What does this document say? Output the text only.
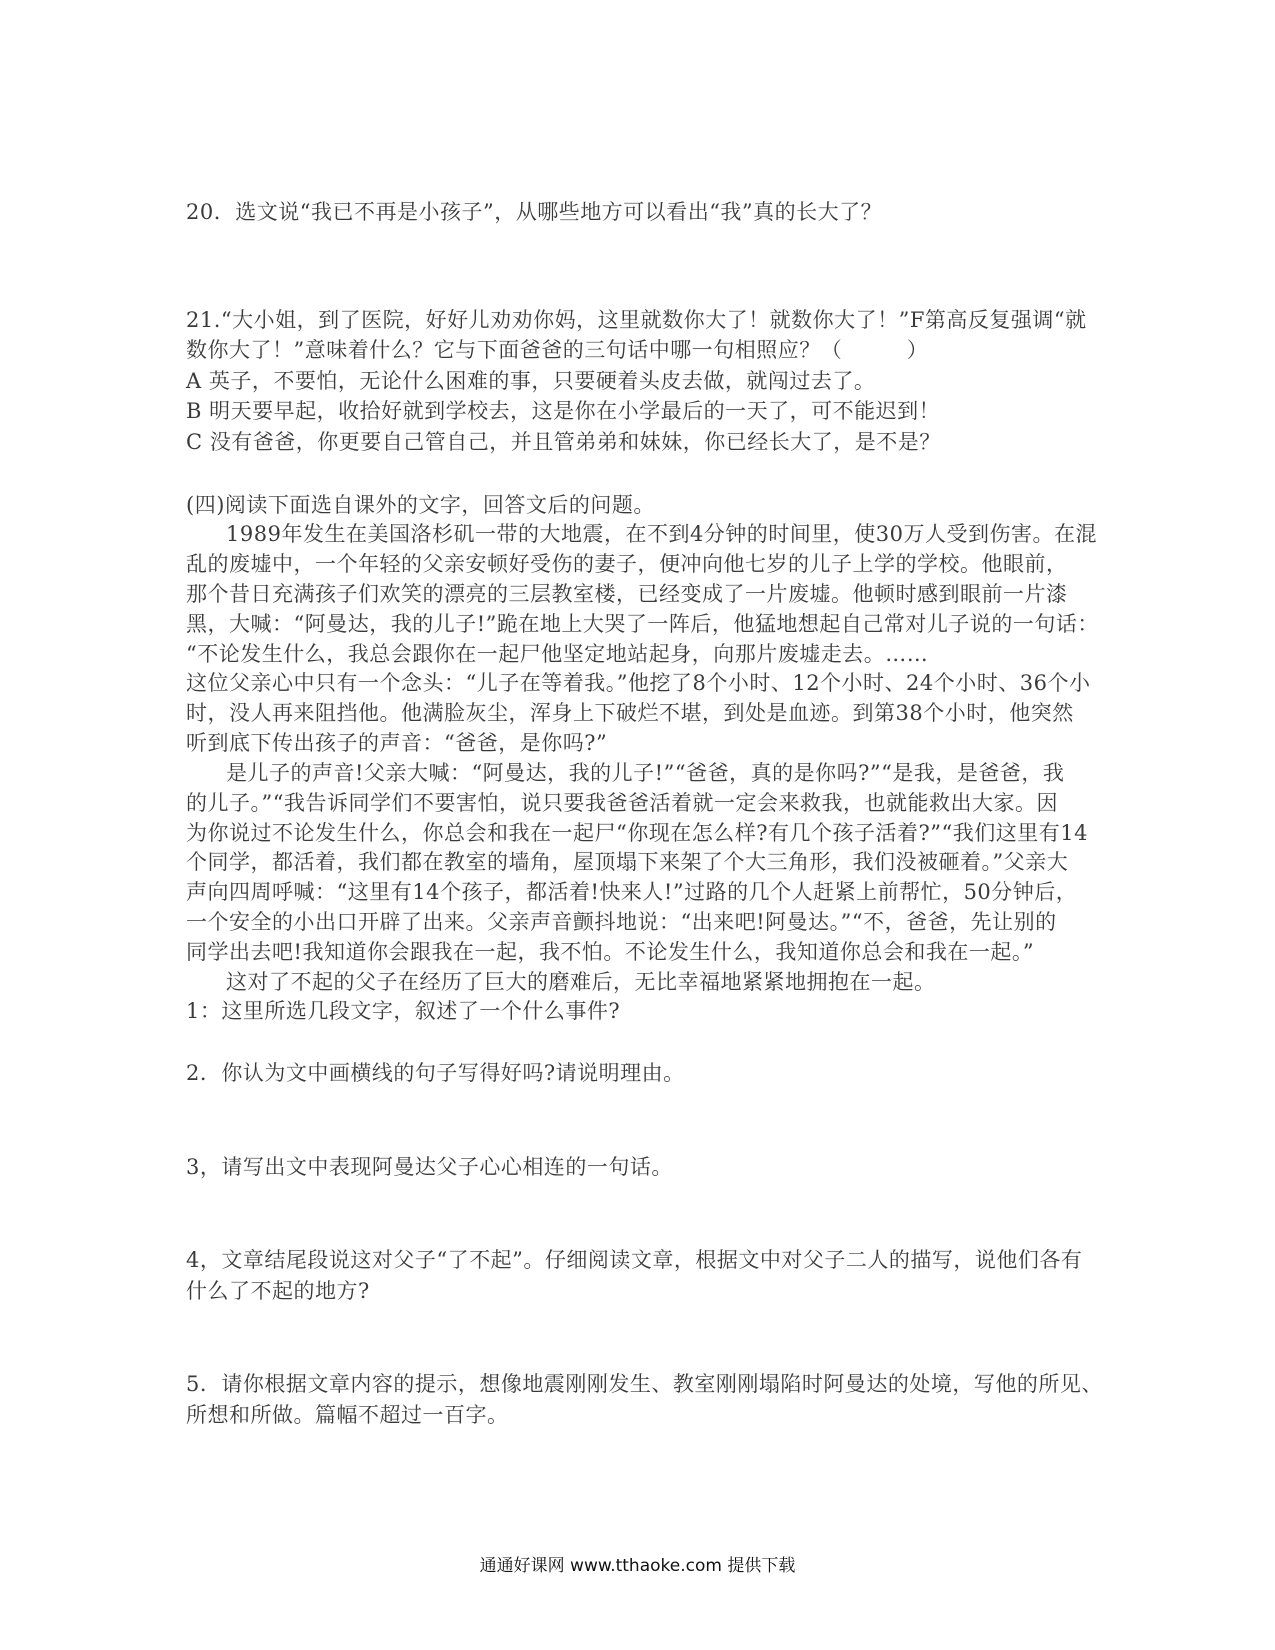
20．选文说“我已不再是小孩子”，从哪些地方可以看出“我”真的长大了？
21.“大小姐，到了医院，好好儿劝劝你妈，这里就数你大了！就数你大了！”F第高反复强调“就
数你大了！”意味着什么？它与下面爸爸的三句话中哪一句相照应？（　　　）
A 英子，不要怕，无论什么困难的事，只要硬着头皮去做，就闯过去了。
B 明天要早起，收拾好就到学校去，这是你在小学最后的一天了，可不能迟到！
C 没有爸爸，你更要自己管自己，并且管弟弟和妹妹，你已经长大了，是不是？
(四)阅读下面选自课外的文字，回答文后的问题。
1989年发生在美国洛杉矶一带的大地震，在不到4分钟的时间里，使30万人受到伤害。在混
乱的废墟中，一个年轻的父亲安顿好受伤的妻子，便冲向他七岁的儿子上学的学校。他眼前，
那个昔日充满孩子们欢笑的漂亮的三层教室楼，已经变成了一片废墟。他顿时感到眼前一片漆
黑，大喊：“阿曼达，我的儿子!”跪在地上大哭了一阵后，他猛地想起自己常对儿子说的一句话：
“不论发生什么，我总会跟你在一起尸他坚定地站起身，向那片废墟走去。……
这位父亲心中只有一个念头：“儿子在等着我。”他挖了8个小时、12个小时、24个小时、36个小
时，没人再来阻挡他。他满脸灰尘，浑身上下破烂不堪，到处是血迹。到第38个小时，他突然
听到底下传出孩子的声音：“爸爸，是你吗?”
是儿子的声音!父亲大喊：“阿曼达，我的儿子!”“爸爸，真的是你吗?”“是我，是爸爸，我
的儿子。”“我告诉同学们不要害怕，说只要我爸爸活着就一定会来救我，也就能救出大家。因
为你说过不论发生什么，你总会和我在一起尸“你现在怎么样?有几个孩子活着?”“我们这里有14
个同学，都活着，我们都在教室的墙角，屋顶塌下来架了个大三角形，我们没被砸着。”父亲大
声向四周呼喊：“这里有14个孩子，都活着!快来人!”过路的几个人赶紧上前帮忙，50分钟后，
一个安全的小出口开辟了出来。父亲声音颤抖地说：“出来吧!阿曼达。”“不，爸爸，先让别的
同学出去吧!我知道你会跟我在一起，我不怕。不论发生什么，我知道你总会和我在一起。”
这对了不起的父子在经历了巨大的磨难后，无比幸福地紧紧地拥抱在一起。
1：这里所选几段文字，叙述了一个什么事件?
2．你认为文中画横线的句子写得好吗?请说明理由。
3，请写出文中表现阿曼达父子心心相连的一句话。
4，文章结尾段说这对父子“了不起”。仔细阅读文章，根据文中对父子二人的描写，说他们各有
什么了不起的地方?
5．请你根据文章内容的提示，想像地震刚刚发生、教室刚刚塌陷时阿曼达的处境，写他的所见、
所想和所做。篇幅不超过一百字。
通通好课网 www.tthaoke.com 提供下载
